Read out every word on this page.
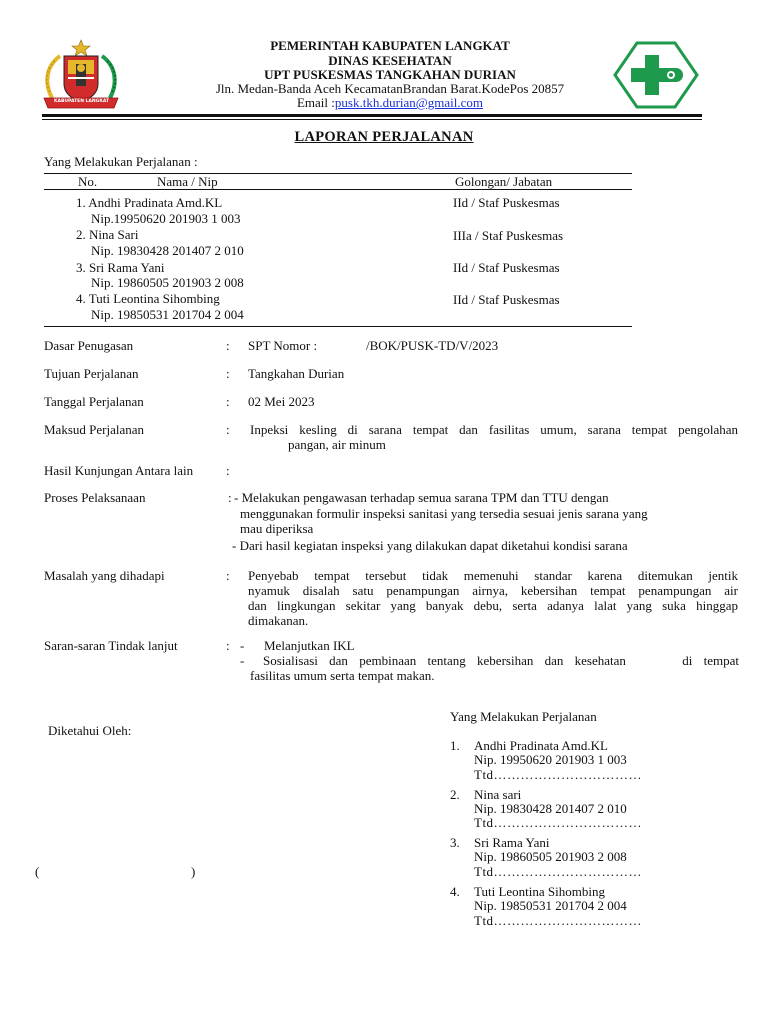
KABUPATEN LANGKAT
PEMERINTAH KABUPATEN LANGKAT
DINAS KESEHATAN
UPT PUSKESMAS TANGKAHAN DURIAN
Jln. Medan-Banda Aceh KecamatanBrandan Barat.KodePos 20857
Email :pusk.tkh.durian@gmail.com
LAPORAN PERJALANAN
Yang Melakukan Perjalanan :
No.	Nama / Nip	Golongan/ Jabatan
1. Andhi Pradinata Amd.KL
Nip.19950620 201903 1 003
IId / Staf Puskesmas
2. Nina Sari
Nip. 19830428 201407 2 010
IIIa / Staf Puskesmas
3. Sri Rama Yani
Nip. 19860505 201903 2 008
IId / Staf Puskesmas
4. Tuti Leontina Sihombing
Nip. 19850531 201704 2 004
IId / Staf Puskesmas
Dasar Penugasan	: SPT Nomor :	/BOK/PUSK-TD/V/2023
Tujuan Perjalanan	: Tangkahan Durian
Tanggal Perjalanan	: 02 Mei 2023
Maksud Perjalanan	: Inpeksi kesling di sarana tempat dan fasilitas umum, sarana tempat pengolahan
pangan, air minum
Hasil Kunjungan Antara lain	:
Proses Pelaksanaan	: - Melakukan pengawasan terhadap semua sarana TPM dan TTU dengan
menggunakan formulir inspeksi sanitasi yang tersedia sesuai jenis sarana yang
mau diperiksa
- Dari hasil kegiatan inspeksi yang dilakukan dapat diketahui kondisi sarana
Masalah yang dihadapi	: Penyebab tempat tersebut tidak memenuhi standar karena ditemukan jentik
nyamuk disalah satu penampungan airnya, kebersihan tempat penampungan air
dan lingkungan sekitar yang banyak debu, serta adanya lalat yang suka hinggap
dimakanan.
Saran-saran Tindak lanjut	: - Melanjutkan IKL
- Sosialisasi dan pembinaan tentang kebersihan dan kesehatan     di tempat
fasilitas umum serta tempat makan.
Diketahui Oleh:
(	)
Yang Melakukan Perjalanan
1. Andhi Pradinata Amd.KL
Nip. 19950620 201903 1 003
Ttd……………………………
2. Nina sari
Nip. 19830428 201407 2 010
Ttd……………………………
3. Sri Rama Yani
Nip. 19860505 201903 2 008
Ttd……………………………
4. Tuti Leontina Sihombing
Nip. 19850531 201704 2 004
Ttd……………………………
